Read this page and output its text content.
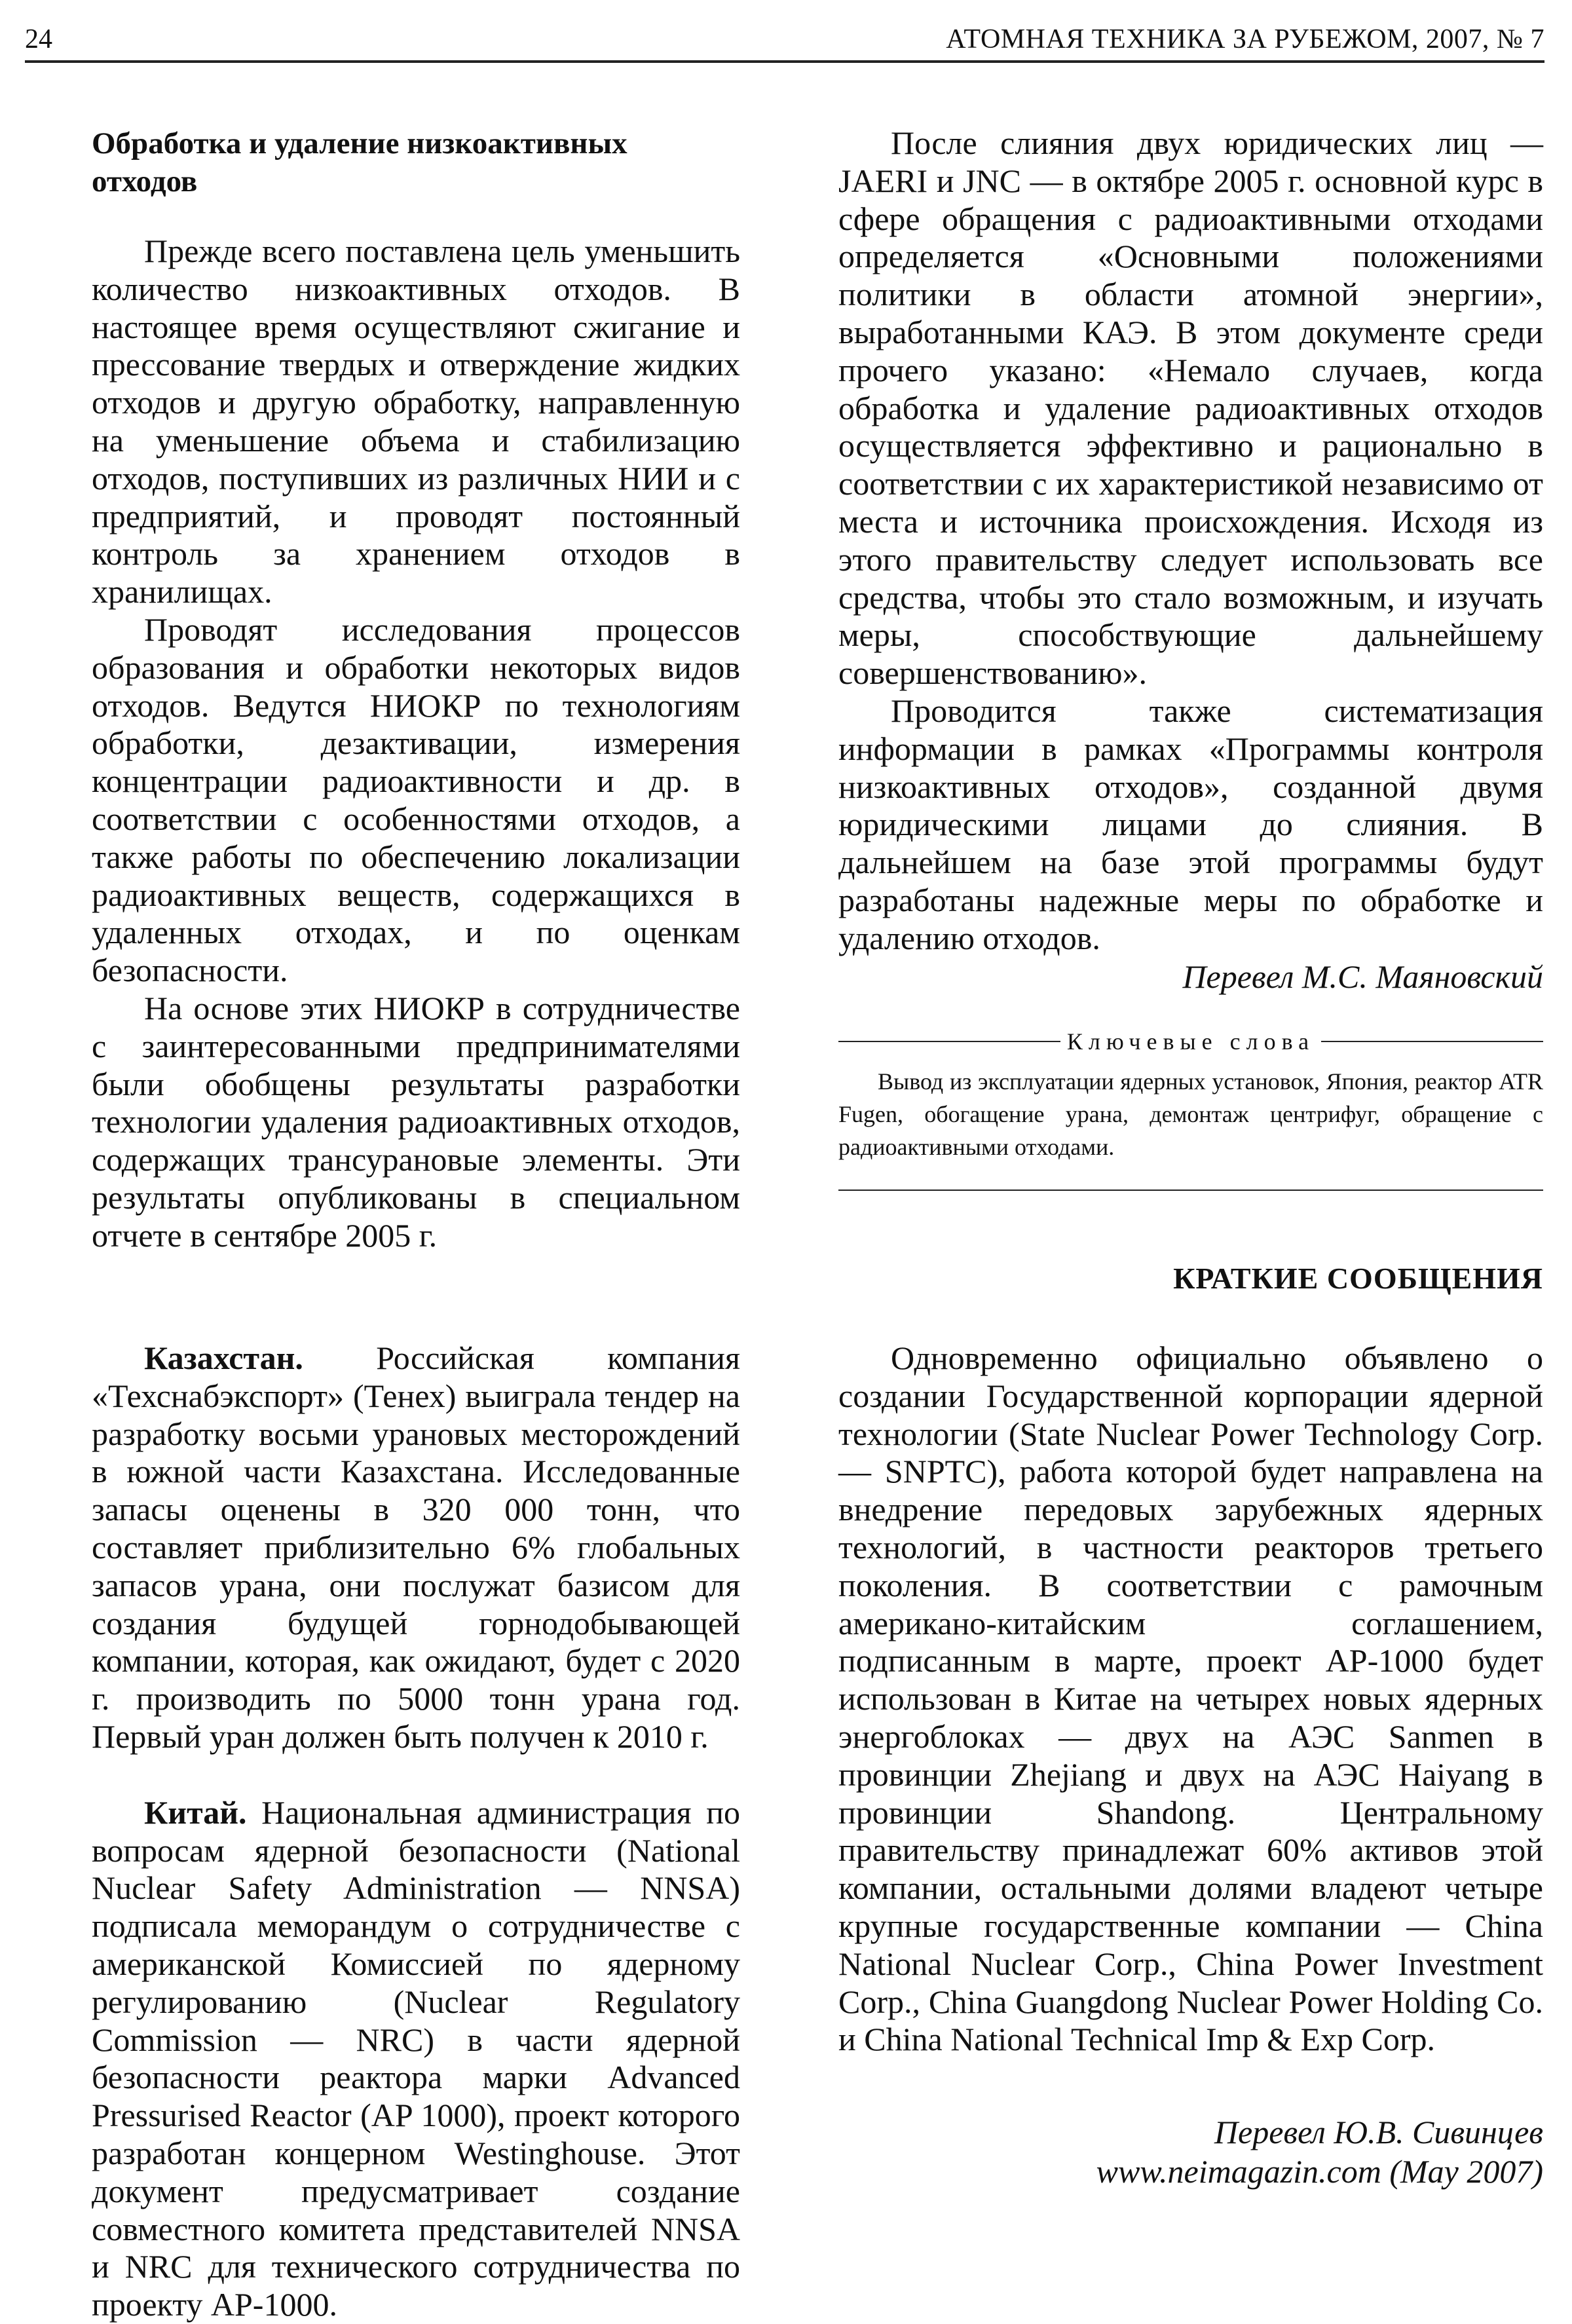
24	АТОМНАЯ ТЕХНИКА ЗА РУБЕЖОМ, 2007, № 7
Обработка и удаление низкоактивных отходов

Прежде всего поставлена цель уменьшить количество низкоактивных отходов. В настоящее время осуществляют сжигание и прессование твердых и отверждение жидких отходов и другую обработку, направленную на уменьшение объема и стабилизацию отходов, поступивших из различных НИИ и с предприятий, и проводят постоянный контроль за хранением отходов в хранилищах.

Проводят исследования процессов образования и обработки некоторых видов отходов. Ведутся НИОКР по технологиям обработки, дезактивации, измерения концентрации радиоактивности и др. в соответствии с особенностями отходов, а также работы по обеспечению локализации радиоактивных веществ, содержащихся в удаленных отходах, и по оценкам безопасности.

На основе этих НИОКР в сотрудничестве с заинтересованными предпринимателями были обобщены результаты разработки технологии удаления радиоактивных отходов, содержащих трансурановые элементы. Эти результаты опубликованы в специальном отчете в сентябре 2005 г.

После слияния двух юридических лиц — JAERI и JNC — в октябре 2005 г. основной курс в сфере обращения с радиоактивными отходами определяется «Основными положениями политики в области атомной энергии», выработанными КАЭ. В этом документе среди прочего указано: «Немало случаев, когда обработка и удаление радиоактивных отходов осуществляется эффективно и рационально в соответствии с их характеристикой независимо от места и источника происхождения. Исходя из этого правительству следует использовать все средства, чтобы это стало возможным, и изучать меры, способствующие дальнейшему совершенствованию».

Проводится также систематизация информации в рамках «Программы контроля низкоактивных отходов», созданной двумя юридическими лицами до слияния. В дальнейшем на базе этой программы будут разработаны надежные меры по обработке и удалению отходов.

Перевел М.С. Маяновский
Ключевые слова

Вывод из эксплуатации ядерных установок, Япония, реактор ATR Fugen, обогащение урана, демонтаж центрифуг, обращение с радиоактивными отходами.

КРАТКИЕ СООБЩЕНИЯ

Казахстан. Российская компания «Техснабэкспорт» (Тенех) выиграла тендер на разработку восьми урановых месторождений в южной части Казахстана. Исследованные запасы оценены в 320 000 тонн, что составляет приблизительно 6% глобальных запасов урана, они послужат базисом для создания будущей горнодобывающей компании, которая, как ожидают, будет с 2020 г. производить по 5000 тонн урана год. Первый уран должен быть получен к 2010 г.

Китай. Национальная администрация по вопросам ядерной безопасности (National Nuclear Safety Administration — NNSA) подписала меморандум о сотрудничестве с американской Комиссией по ядерному регулированию (Nuclear Regulatory Commission — NRC) в части ядерной безопасности реактора марки Advanced Pressurised Reactor (AP 1000), проект которого разработан концерном Westinghouse. Этот документ предусматривает создание совместного комитета представителей NNSA и NRC для технического сотрудничества по проекту AP-1000.

Одновременно официально объявлено о создании Государственной корпорации ядерной технологии (State Nuclear Power Technology Corp. — SNPTC), работа которой будет направлена на внедрение передовых зарубежных ядерных технологий, в частности реакторов третьего поколения. В соответствии с рамочным американо-китайским соглашением, подписанным в марте, проект AP-1000 будет использован в Китае на четырех новых ядерных энергоблоках — двух на АЭС Sanmen в провинции Zhejiang и двух на АЭС Haiyang в провинции Shandong. Центральному правительству принадлежат 60% активов этой компании, остальными долями владеют четыре крупные государственные компании — China National Nuclear Corp., China Power Investment Corp., China Guangdong Nuclear Power Holding Co. и China National Technical Imp & Exp Corp.

Перевел Ю.В. Сивинцев
www.neimagazin.com (May 2007)
